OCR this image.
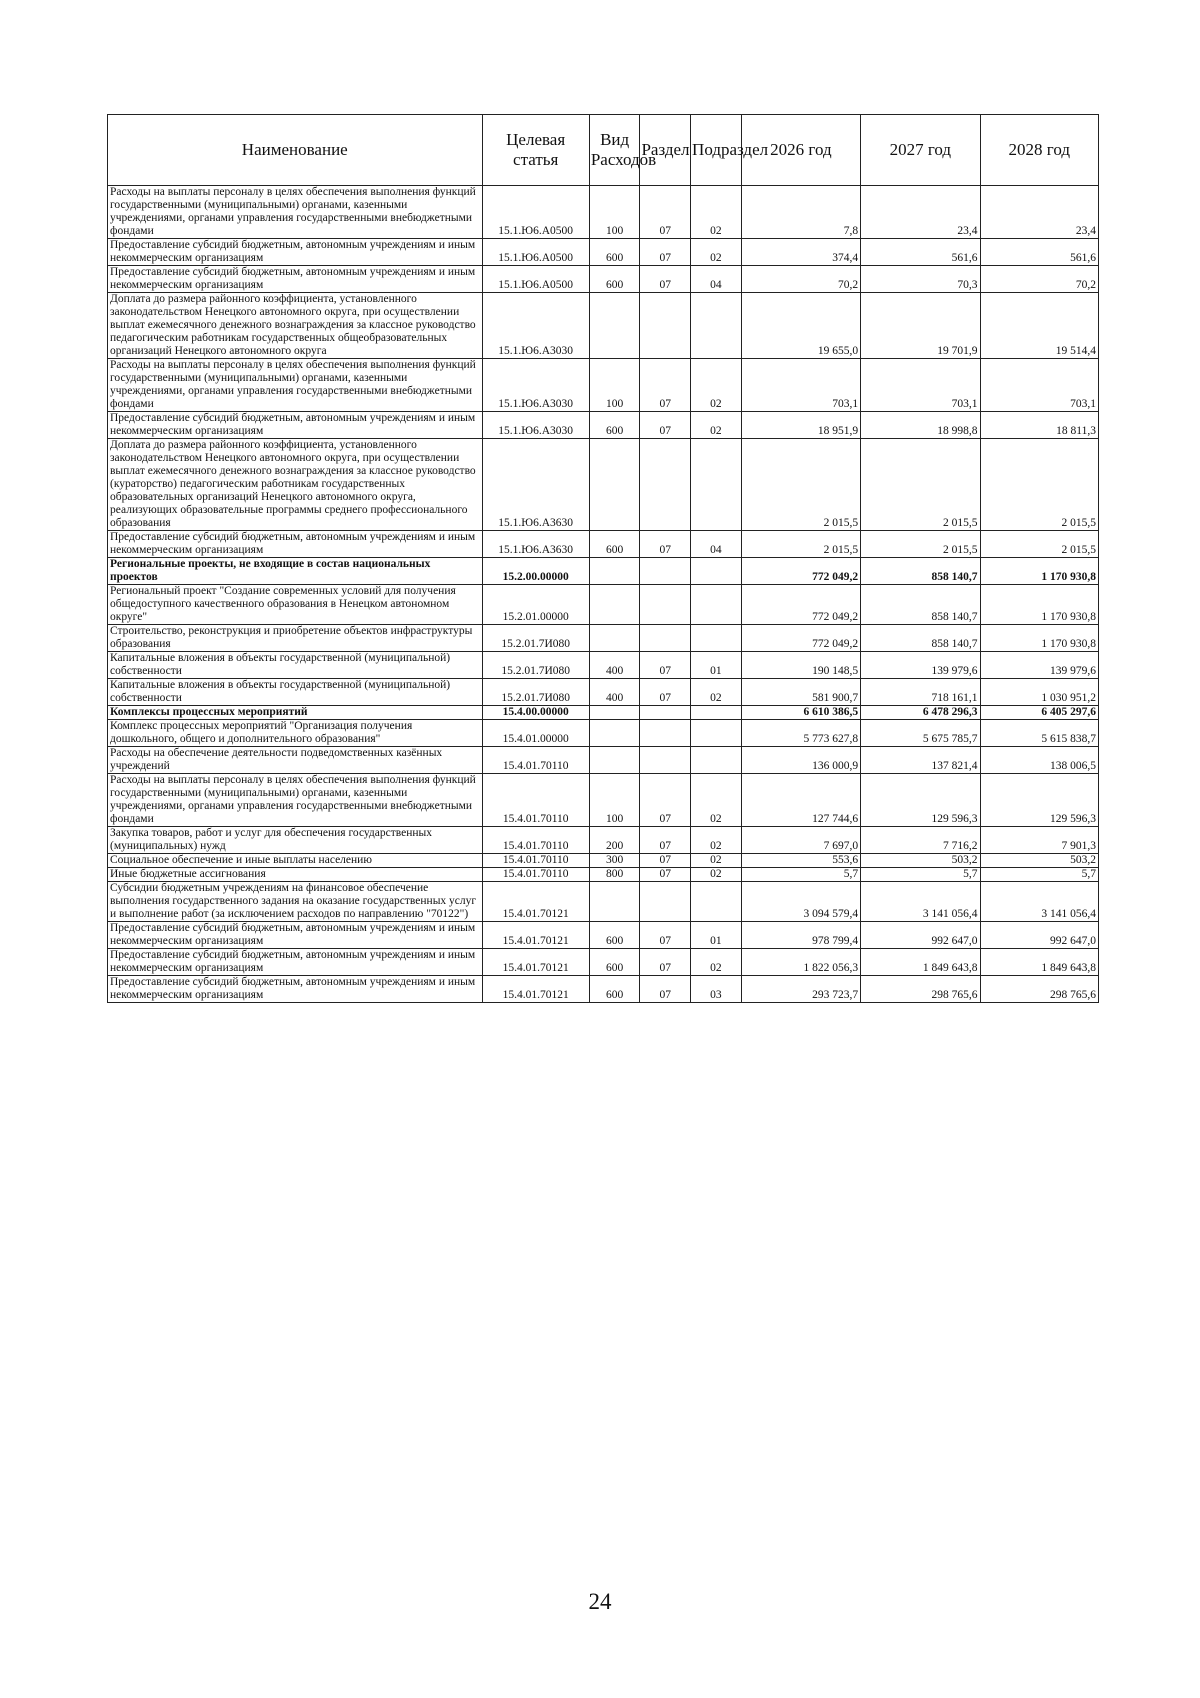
Наименование	Целевая статья	Вид Расходов	Раздел	Подраздел	2026 год	2027 год	2028 год
Расходы на выплаты персоналу в целях обеспечения выполнения функций государственными (муниципальными) органами, казенными учреждениями, органами управления государственными внебюджетными фондами	15.1.Ю6.А0500	100	07	02	7,8	23,4	23,4
Предоставление субсидий бюджетным, автономным учреждениям и иным некоммерческим организациям	15.1.Ю6.А0500	600	07	02	374,4	561,6	561,6
Предоставление субсидий бюджетным, автономным учреждениям и иным некоммерческим организациям	15.1.Ю6.А0500	600	07	04	70,2	70,3	70,2
Доплата до размера районного коэффициента, установленного законодательством Ненецкого автономного округа, при осуществлении выплат ежемесячного денежного вознаграждения за классное руководство педагогическим работникам государственных общеобразовательных организаций Ненецкого автономного округа	15.1.Ю6.А3030				19 655,0	19 701,9	19 514,4
Расходы на выплаты персоналу в целях обеспечения выполнения функций государственными (муниципальными) органами, казенными учреждениями, органами управления государственными внебюджетными фондами	15.1.Ю6.А3030	100	07	02	703,1	703,1	703,1
Предоставление субсидий бюджетным, автономным учреждениям и иным некоммерческим организациям	15.1.Ю6.А3030	600	07	02	18 951,9	18 998,8	18 811,3
Доплата до размера районного коэффициента, установленного законодательством Ненецкого автономного округа, при осуществлении выплат ежемесячного денежного вознаграждения за классное руководство (кураторство) педагогическим работникам государственных образовательных организаций Ненецкого автономного округа, реализующих образовательные программы среднего профессионального образования	15.1.Ю6.А3630				2 015,5	2 015,5	2 015,5
Предоставление субсидий бюджетным, автономным учреждениям и иным некоммерческим организациям	15.1.Ю6.А3630	600	07	04	2 015,5	2 015,5	2 015,5
Региональные проекты, не входящие в состав национальных проектов	15.2.00.00000				772 049,2	858 140,7	1 170 930,8
Региональный проект "Создание современных условий для получения общедоступного качественного образования в Ненецком автономном округе"	15.2.01.00000				772 049,2	858 140,7	1 170 930,8
Строительство, реконструкция и приобретение объектов инфраструктуры образования	15.2.01.7И080				772 049,2	858 140,7	1 170 930,8
Капитальные вложения в объекты государственной (муниципальной) собственности	15.2.01.7И080	400	07	01	190 148,5	139 979,6	139 979,6
Капитальные вложения в объекты государственной (муниципальной) собственности	15.2.01.7И080	400	07	02	581 900,7	718 161,1	1 030 951,2
Комплексы процессных мероприятий	15.4.00.00000				6 610 386,5	6 478 296,3	6 405 297,6
Комплекс процессных мероприятий "Организация получения дошкольного, общего и дополнительного образования"	15.4.01.00000				5 773 627,8	5 675 785,7	5 615 838,7
Расходы на обеспечение деятельности подведомственных казённых учреждений	15.4.01.70110				136 000,9	137 821,4	138 006,5
Расходы на выплаты персоналу в целях обеспечения выполнения функций государственными (муниципальными) органами, казенными учреждениями, органами управления государственными внебюджетными фондами	15.4.01.70110	100	07	02	127 744,6	129 596,3	129 596,3
Закупка товаров, работ и услуг для обеспечения государственных (муниципальных) нужд	15.4.01.70110	200	07	02	7 697,0	7 716,2	7 901,3
Социальное обеспечение и иные выплаты населению	15.4.01.70110	300	07	02	553,6	503,2	503,2
Иные бюджетные ассигнования	15.4.01.70110	800	07	02	5,7	5,7	5,7
Субсидии бюджетным учреждениям на финансовое обеспечение выполнения государственного задания на оказание государственных услуг и выполнение работ (за исключением расходов по направлению "70122")	15.4.01.70121				3 094 579,4	3 141 056,4	3 141 056,4
Предоставление субсидий бюджетным, автономным учреждениям и иным некоммерческим организациям	15.4.01.70121	600	07	01	978 799,4	992 647,0	992 647,0
Предоставление субсидий бюджетным, автономным учреждениям и иным некоммерческим организациям	15.4.01.70121	600	07	02	1 822 056,3	1 849 643,8	1 849 643,8
Предоставление субсидий бюджетным, автономным учреждениям и иным некоммерческим организациям	15.4.01.70121	600	07	03	293 723,7	298 765,6	298 765,6
24
